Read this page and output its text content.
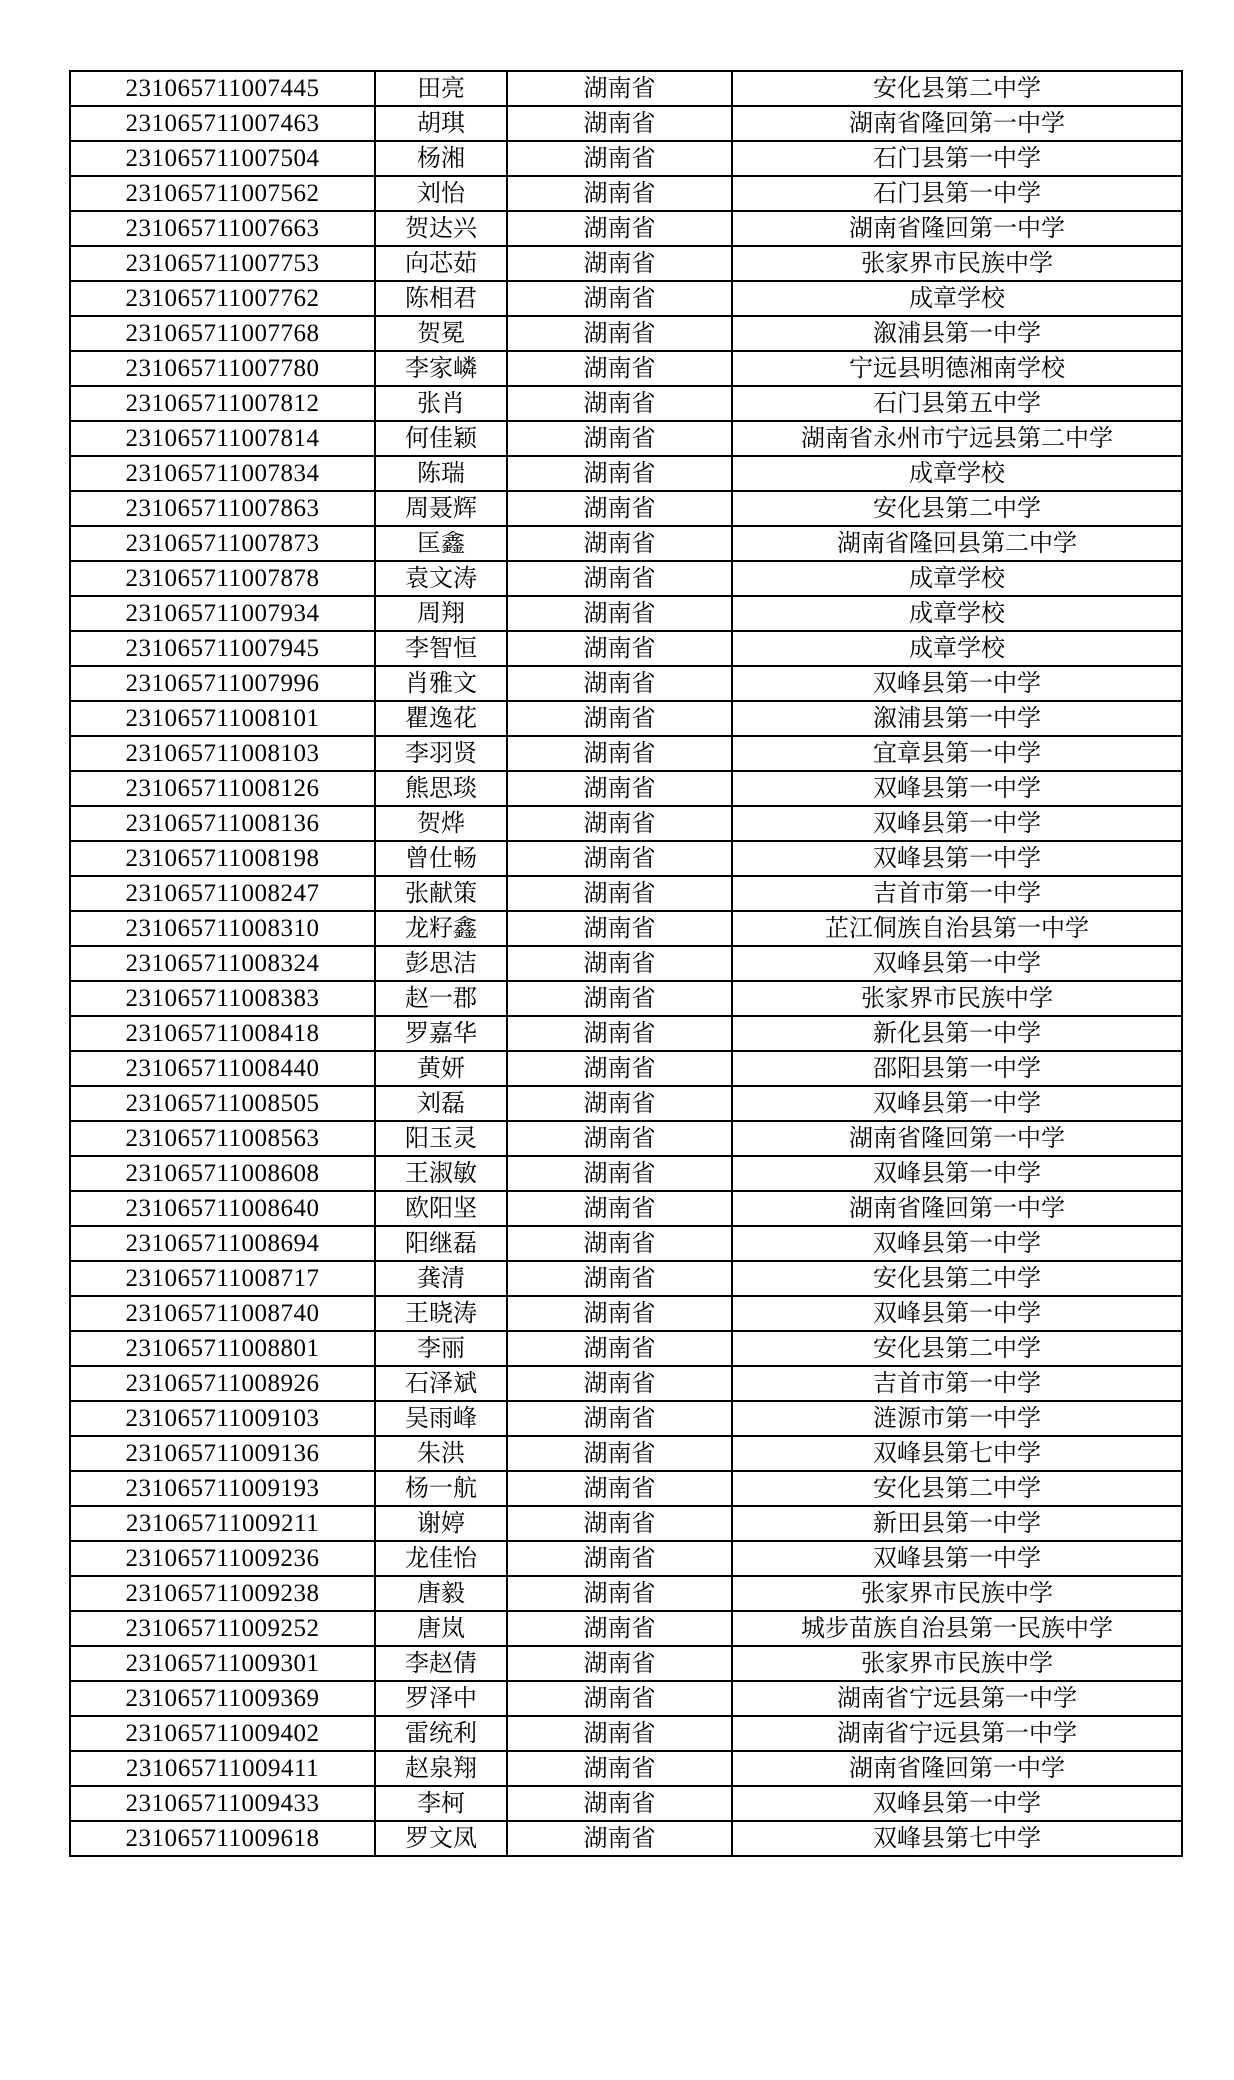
231065711007445	田亮	湖南省	安化县第二中学
231065711007463	胡琪	湖南省	湖南省隆回第一中学
231065711007504	杨湘	湖南省	石门县第一中学
231065711007562	刘怡	湖南省	石门县第一中学
231065711007663	贺达兴	湖南省	湖南省隆回第一中学
231065711007753	向芯茹	湖南省	张家界市民族中学
231065711007762	陈相君	湖南省	成章学校
231065711007768	贺冕	湖南省	溆浦县第一中学
231065711007780	李家嶙	湖南省	宁远县明德湘南学校
231065711007812	张肖	湖南省	石门县第五中学
231065711007814	何佳颖	湖南省	湖南省永州市宁远县第二中学
231065711007834	陈瑞	湖南省	成章学校
231065711007863	周聂辉	湖南省	安化县第二中学
231065711007873	匡鑫	湖南省	湖南省隆回县第二中学
231065711007878	袁文涛	湖南省	成章学校
231065711007934	周翔	湖南省	成章学校
231065711007945	李智恒	湖南省	成章学校
231065711007996	肖雅文	湖南省	双峰县第一中学
231065711008101	瞿逸花	湖南省	溆浦县第一中学
231065711008103	李羽贤	湖南省	宜章县第一中学
231065711008126	熊思琰	湖南省	双峰县第一中学
231065711008136	贺烨	湖南省	双峰县第一中学
231065711008198	曾仕畅	湖南省	双峰县第一中学
231065711008247	张献策	湖南省	吉首市第一中学
231065711008310	龙籽鑫	湖南省	芷江侗族自治县第一中学
231065711008324	彭思洁	湖南省	双峰县第一中学
231065711008383	赵一郡	湖南省	张家界市民族中学
231065711008418	罗嘉华	湖南省	新化县第一中学
231065711008440	黄妍	湖南省	邵阳县第一中学
231065711008505	刘磊	湖南省	双峰县第一中学
231065711008563	阳玉灵	湖南省	湖南省隆回第一中学
231065711008608	王淑敏	湖南省	双峰县第一中学
231065711008640	欧阳坚	湖南省	湖南省隆回第一中学
231065711008694	阳继磊	湖南省	双峰县第一中学
231065711008717	龚清	湖南省	安化县第二中学
231065711008740	王晓涛	湖南省	双峰县第一中学
231065711008801	李丽	湖南省	安化县第二中学
231065711008926	石泽斌	湖南省	吉首市第一中学
231065711009103	吴雨峰	湖南省	涟源市第一中学
231065711009136	朱洪	湖南省	双峰县第七中学
231065711009193	杨一航	湖南省	安化县第二中学
231065711009211	谢婷	湖南省	新田县第一中学
231065711009236	龙佳怡	湖南省	双峰县第一中学
231065711009238	唐毅	湖南省	张家界市民族中学
231065711009252	唐岚	湖南省	城步苗族自治县第一民族中学
231065711009301	李赵倩	湖南省	张家界市民族中学
231065711009369	罗泽中	湖南省	湖南省宁远县第一中学
231065711009402	雷统利	湖南省	湖南省宁远县第一中学
231065711009411	赵泉翔	湖南省	湖南省隆回第一中学
231065711009433	李柯	湖南省	双峰县第一中学
231065711009618	罗文凤	湖南省	双峰县第七中学
